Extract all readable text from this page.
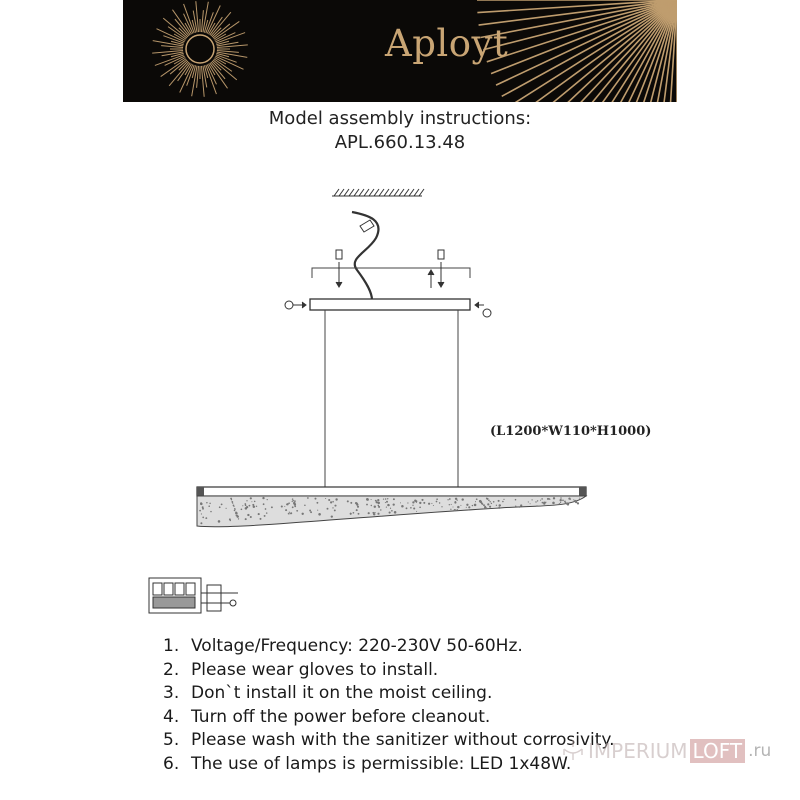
Aployt
Model assembly instructions:
APL.660.13.48
(L1200*W110*H1000)
1. Voltage/Frequency: 220-230V 50-60Hz.
2. Please wear gloves to install.
3. Don`t install it on the moist ceiling.
4. Turn off the power before cleanout.
5. Please wash with the sanitizer without corrosivity.
6. The use of lamps is permissible: LED 1x48W.
IMPERIUM LOFT .ru
